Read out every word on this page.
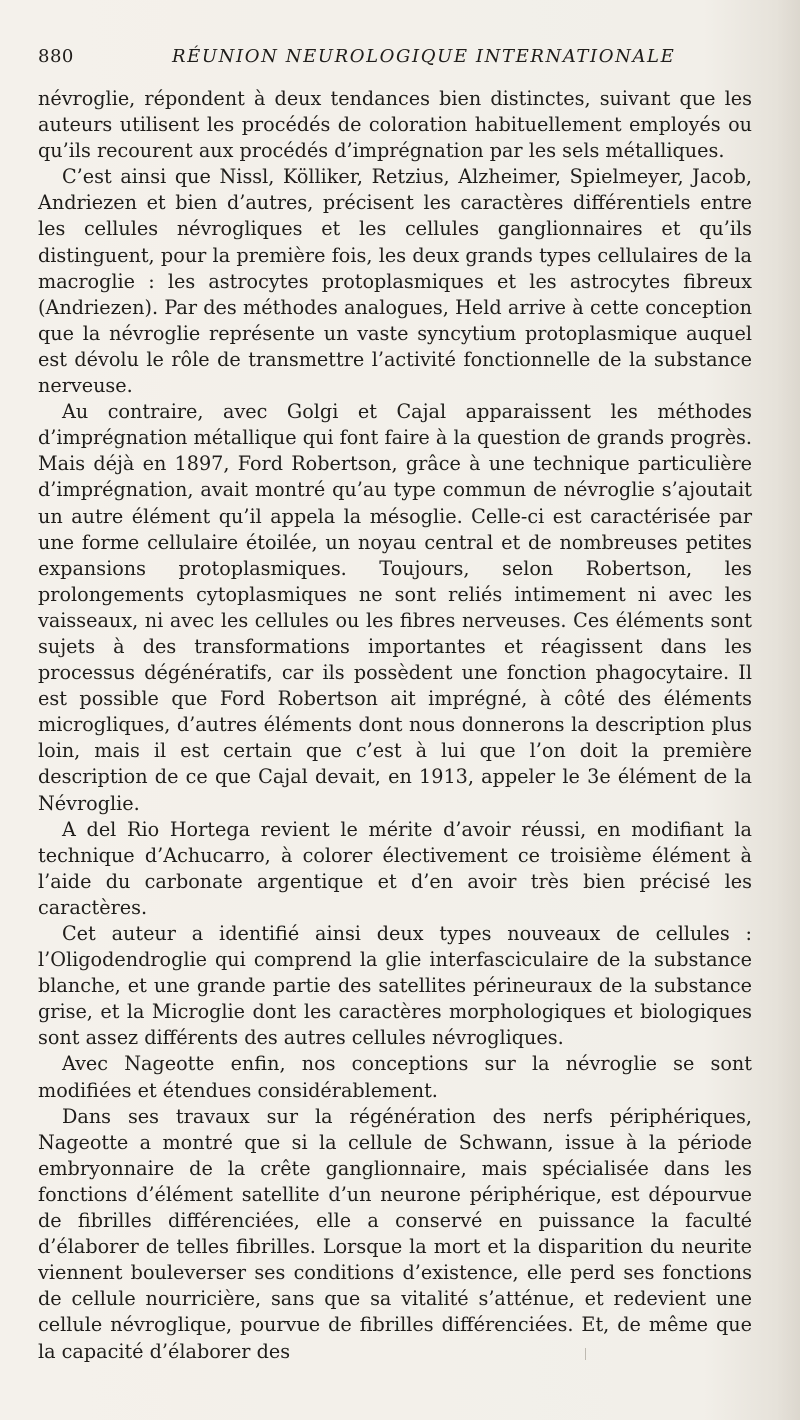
880	RÉUNION NEUROLOGIQUE INTERNATIONALE

névroglie, répondent à deux tendances bien distinctes, suivant que les auteurs utilisent les procédés de coloration habituellement employés ou qu’ils recourent aux procédés d’imprégnation par les sels métalliques.

C’est ainsi que Nissl, Kölliker, Retzius, Alzheimer, Spielmeyer, Jacob, Andriezen et bien d’autres, précisent les caractères différentiels entre les cellules névrogliques et les cellules ganglionnaires et qu’ils distinguent, pour la première fois, les deux grands types cellulaires de la macroglie : les astrocytes protoplasmiques et les astrocytes fibreux (Andriezen). Par des méthodes analogues, Held arrive à cette conception que la névroglie représente un vaste syncytium protoplasmique auquel est dévolu le rôle de transmettre l’activité fonctionnelle de la substance nerveuse.

Au contraire, avec Golgi et Cajal apparaissent les méthodes d’imprégnation métallique qui font faire à la question de grands progrès. Mais déjà en 1897, Ford Robertson, grâce à une technique particulière d’imprégnation, avait montré qu’au type commun de névroglie s’ajoutait un autre élément qu’il appela la mésoglie. Celle-ci est caractérisée par une forme cellulaire étoilée, un noyau central et de nombreuses petites expansions protoplasmiques. Toujours, selon Robertson, les prolongements cytoplasmiques ne sont reliés intimement ni avec les vaisseaux, ni avec les cellules ou les fibres nerveuses. Ces éléments sont sujets à des transformations importantes et réagissent dans les processus dégénératifs, car ils possèdent une fonction phagocytaire. Il est possible que Ford Robertson ait imprégné, à côté des éléments microgliques, d’autres éléments dont nous donnerons la description plus loin, mais il est certain que c’est à lui que l’on doit la première description de ce que Cajal devait, en 1913, appeler le 3e élément de la Névroglie.

A del Rio Hortega revient le mérite d’avoir réussi, en modifiant la technique d’Achucarro, à colorer électivement ce troisième élément à l’aide du carbonate argentique et d’en avoir très bien précisé les caractères.

Cet auteur a identifié ainsi deux types nouveaux de cellules : l’Oligodendroglie qui comprend la glie interfasciculaire de la substance blanche, et une grande partie des satellites périneuraux de la substance grise, et la Microglie dont les caractères morphologiques et biologiques sont assez différents des autres cellules névrogliques.

Avec Nageotte enfin, nos conceptions sur la névroglie se sont modifiées et étendues considérablement.

Dans ses travaux sur la régénération des nerfs périphériques, Nageotte a montré que si la cellule de Schwann, issue à la période embryonnaire de la crête ganglionnaire, mais spécialisée dans les fonctions d’élément satellite d’un neurone périphérique, est dépourvue de fibrilles différenciées, elle a conservé en puissance la faculté d’élaborer de telles fibrilles. Lorsque la mort et la disparition du neurite viennent bouleverser ses conditions d’existence, elle perd ses fonctions de cellule nourricière, sans que sa vitalité s’atténue, et redevient une cellule névroglique, pourvue de fibrilles différenciées. Et, de même que la capacité d’élaborer des
